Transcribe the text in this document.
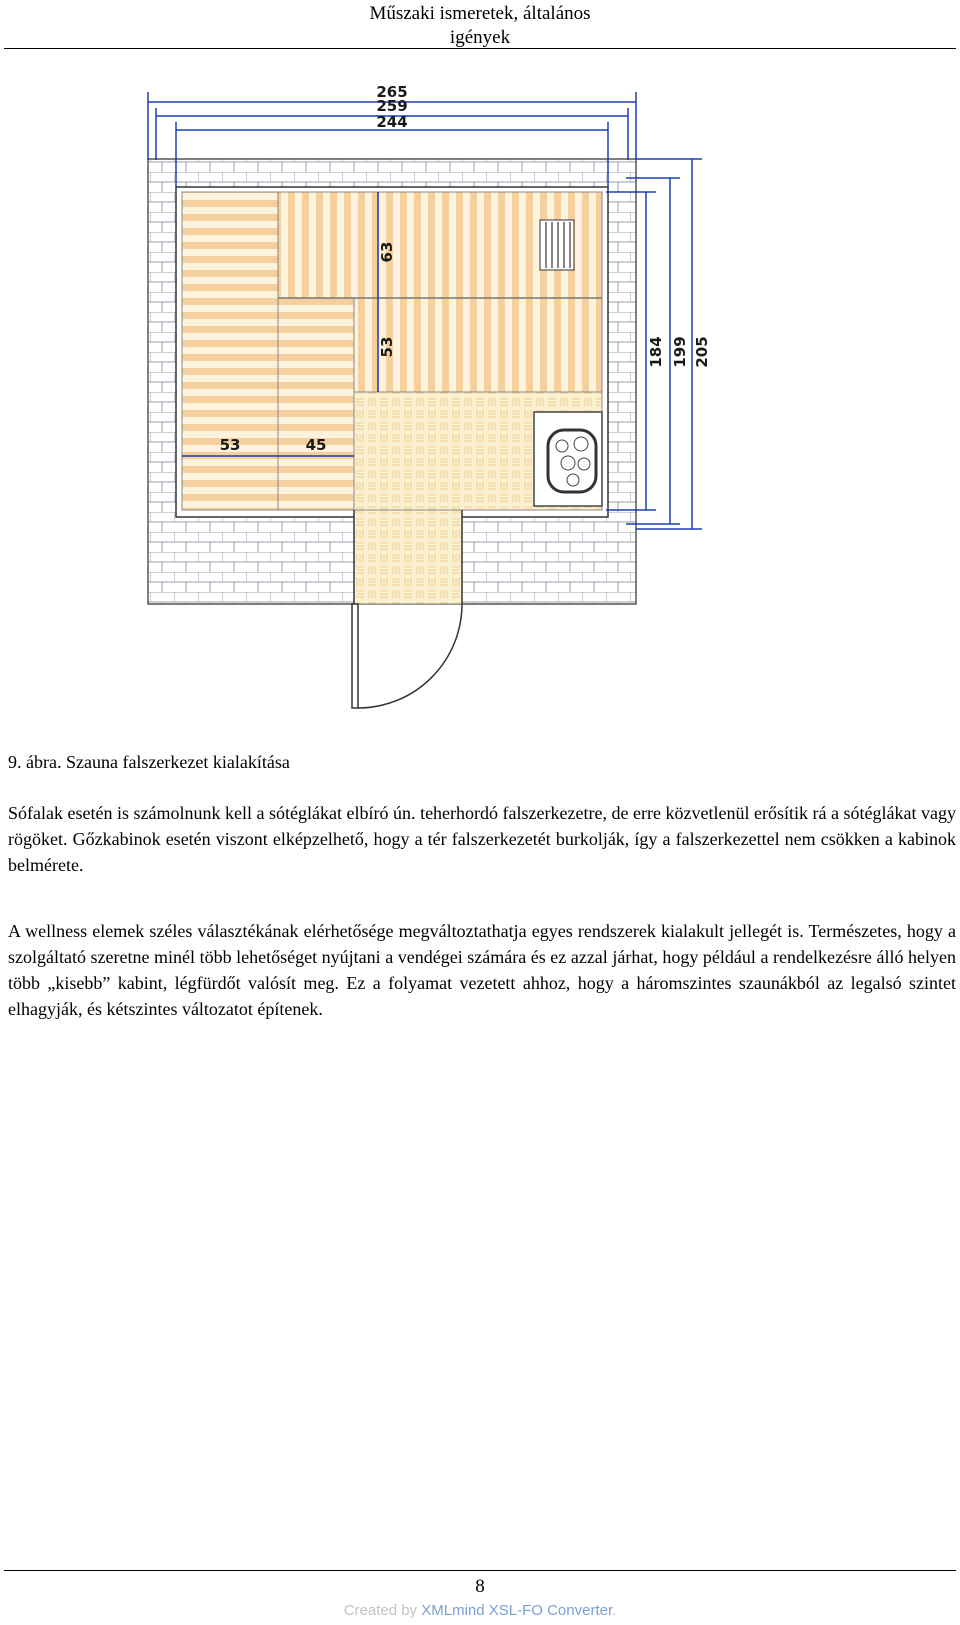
Műszaki ismeretek, általános
igények
265
259
244
63
53
53	45
184 199 205
9. ábra. Szauna falszerkezet kialakítása
Sófalak esetén is számolnunk kell a sótéglákat elbíró ún. teherhordó falszerkezetre, de erre közvetlenül erősítik rá a sótéglákat vagy rögöket. Gőzkabinok esetén viszont elképzelhető, hogy a tér falszerkezetét burkolják, így a falszerkezettel nem csökken a kabinok belmérete.
A wellness elemek széles választékának elérhetősége megváltoztathatja egyes rendszerek kialakult jellegét is. Természetes, hogy a szolgáltató szeretne minél több lehetőséget nyújtani a vendégei számára és ez azzal járhat, hogy például a rendelkezésre álló helyen több „kisebb” kabint, légfürdőt valósít meg. Ez a folyamat vezetett ahhoz, hogy a háromszintes szaunákból az legalsó szintet elhagyják, és kétszintes változatot építenek.
8
Created by XMLmind XSL-FO Converter.
